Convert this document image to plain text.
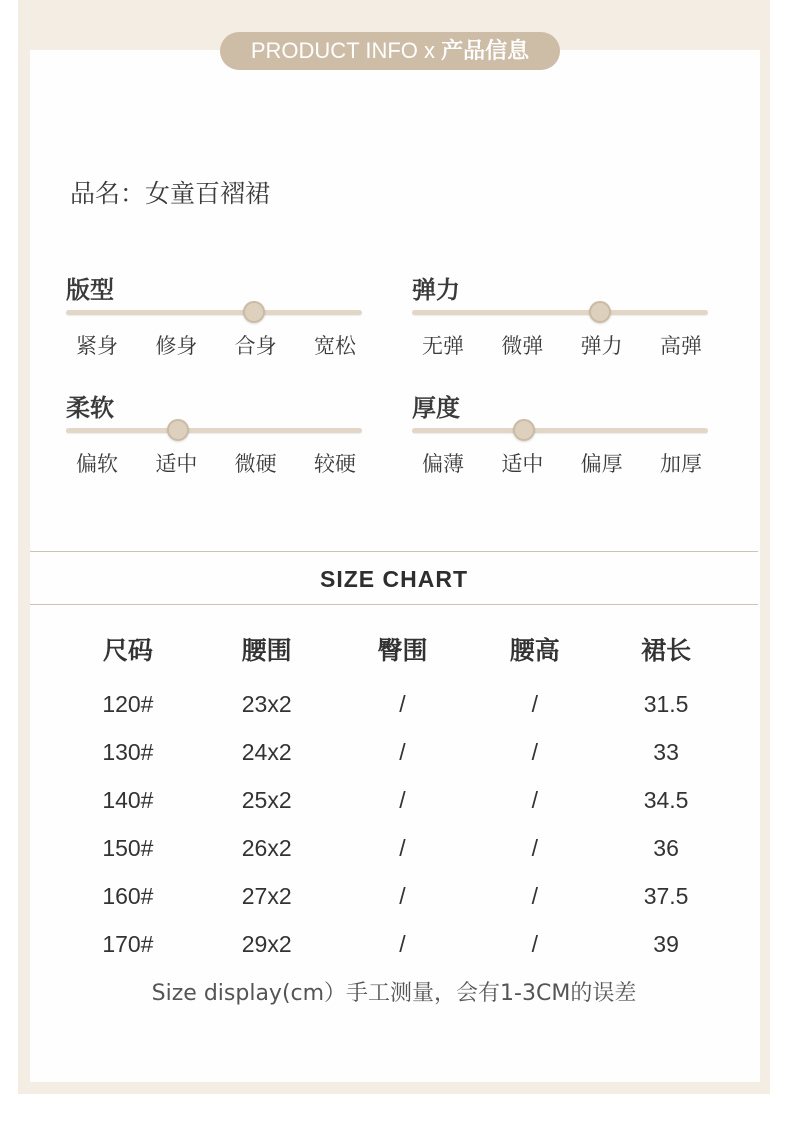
PRODUCT INFO x 产品信息
品名：女童百褶裙
版型
紧身	修身	合身	宽松
弹力
无弹	微弹	弹力	高弹
柔软
偏软	适中	微硬	较硬
厚度
偏薄	适中	偏厚	加厚
SIZE CHART
尺码	腰围	臀围	腰高	裙长
120#	23x2	/	/	31.5
130#	24x2	/	/	33
140#	25x2	/	/	34.5
150#	26x2	/	/	36
160#	27x2	/	/	37.5
170#	29x2	/	/	39
Size display(cm）手工测量，会有1-3CM的误差
